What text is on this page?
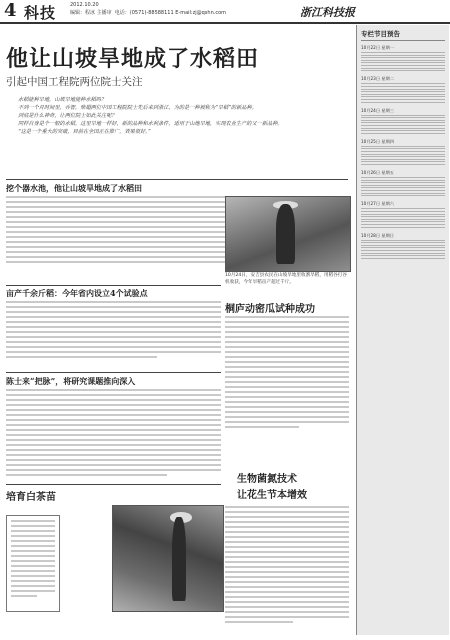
4 科技	2012.10.20
编辑：程冰 主播审 电话：(0571)-88588111 E-mail:zj@qshn.com	浙江科技报
他让山坡旱地成了水稻田
引起中国工程院两位院士关注

水稻能种旱地，山坡旱地能种水稻吗？

不到一个月时间里，乔智，柴超两位中国工程院院士先后来到浙江，为的是一种被称为“旱稻”的新品种。

到底是什么神奇，让两位院士如此关注呢？

同样自身是个一般的水稻，这里旱地一样好，新的品种和水利条件，适用于山地旱地，实现农业生产的又一新品种。

“这是一个重大的突破，目前在全国正在推广，效果很好。”

挖个器水池，他让山坡旱地成了水稻田
10月24日，安吉县农民在山坡旱地里收割旱稻，用稻谷打谷机收获，今年旱稻亩产超过千斤。
亩产千余斤稻：今年省内设立4个试验点
桐庐动密瓜试种成功
陈士来“把脉”，将研究课题推向深入
生物菌氮技术
让花生节本增效
培育白茶苗
专栏节目预告
10月22日 星期一
10月23日 星期二
10月24日 星期三
10月25日 星期四
10月26日 星期五
10月27日 星期六
10月28日 星期日
